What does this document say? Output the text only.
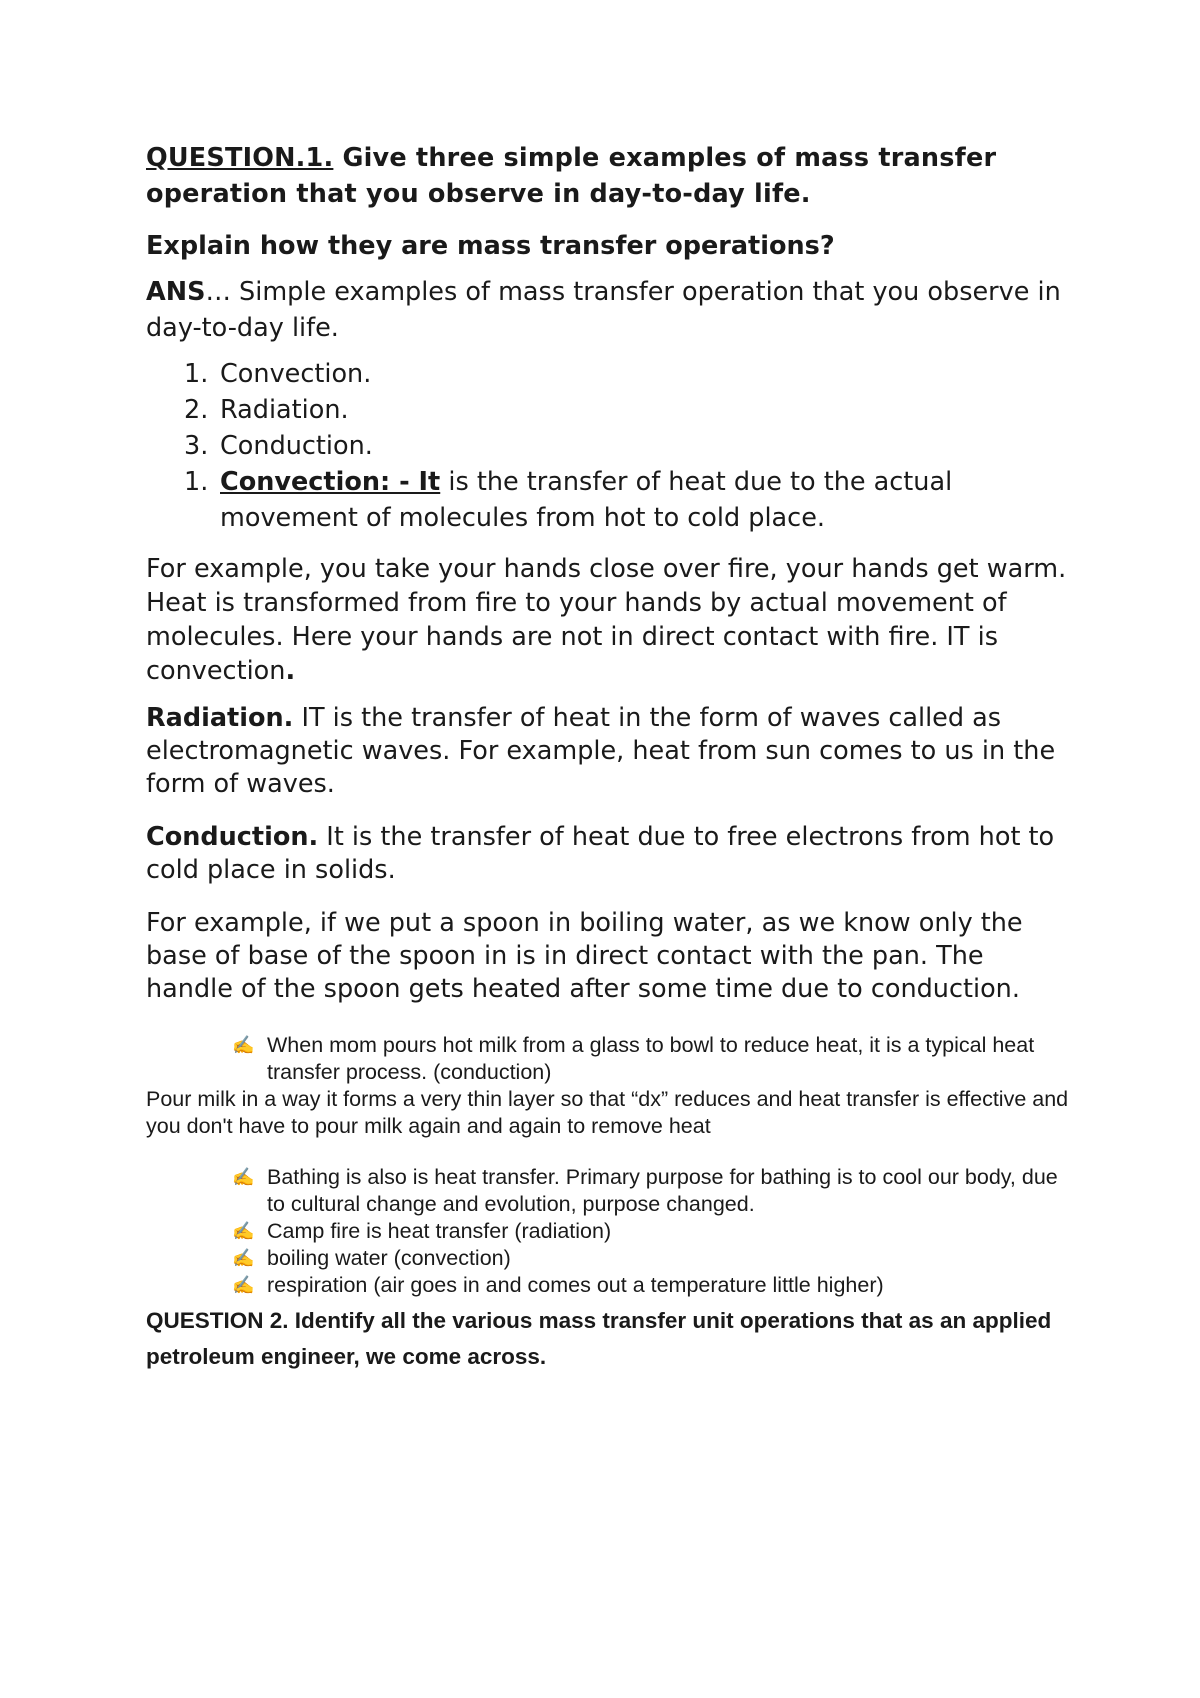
QUESTION.1. Give three simple examples of mass transfer operation that you observe in day-to-day life.

Explain how they are mass transfer operations?

ANS… Simple examples of mass transfer operation that you observe in day-to-day life.

1. Convection.
2. Radiation.
3. Conduction.
1. Convection: - It is the transfer of heat due to the actual movement of molecules from hot to cold place.

For example, you take your hands close over fire, your hands get warm. Heat is transformed from fire to your hands by actual movement of molecules. Here your hands are not in direct contact with fire. IT is convection.

Radiation. IT is the transfer of heat in the form of waves called as electromagnetic waves. For example, heat from sun comes to us in the form of waves.

Conduction. It is the transfer of heat due to free electrons from hot to cold place in solids.

For example, if we put a spoon in boiling water, as we know only the base of base of the spoon in is in direct contact with the pan. The handle of the spoon gets heated after some time due to conduction.

✍ When mom pours hot milk from a glass to bowl to reduce heat, it is a typical heat transfer process. (conduction)

Pour milk in a way it forms a very thin layer so that “dx” reduces and heat transfer is effective and you don't have to pour milk again and again to remove heat

✍ Bathing is also is heat transfer. Primary purpose for bathing is to cool our body, due to cultural change and evolution, purpose changed.
✍ Camp fire is heat transfer (radiation)
✍ boiling water (convection)
✍ respiration (air goes in and comes out a temperature little higher)

QUESTION 2. Identify all the various mass transfer unit operations that as an applied petroleum engineer, we come across.
